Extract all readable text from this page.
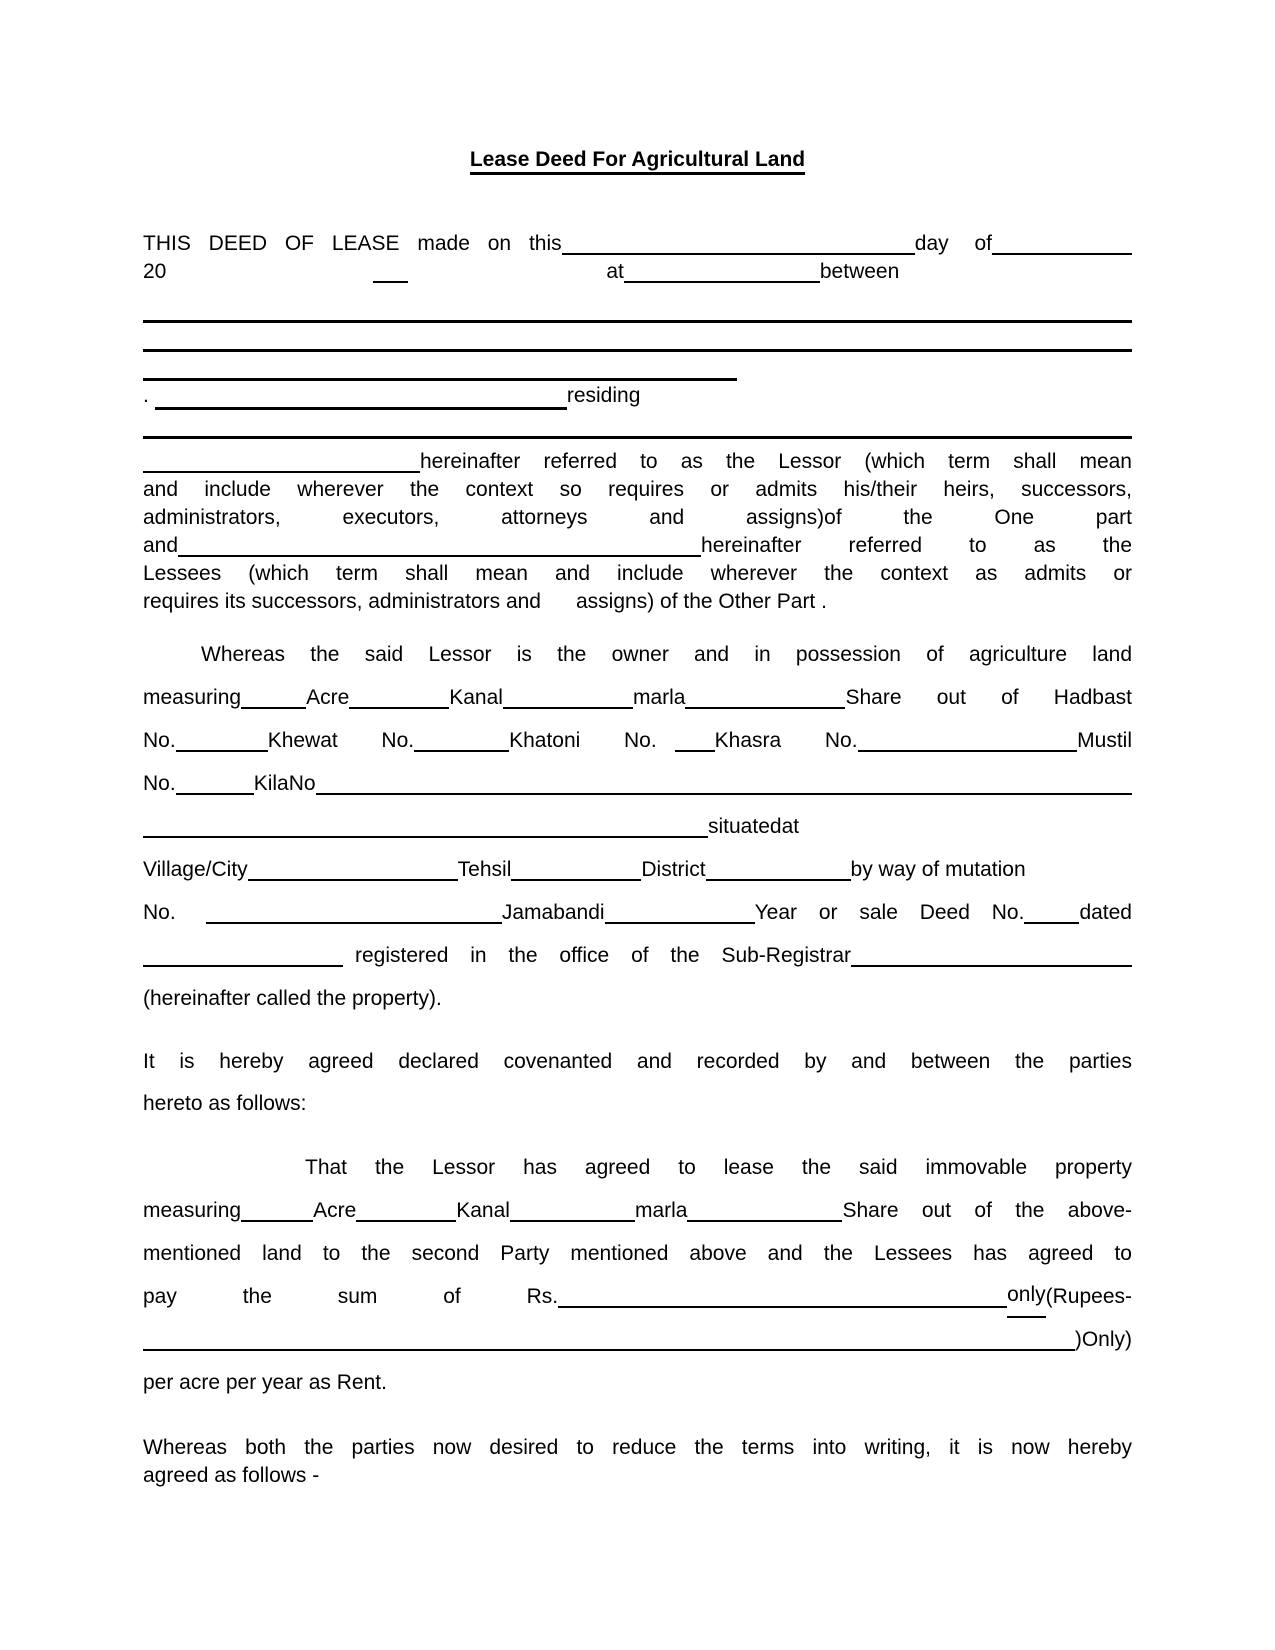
Lease Deed For Agricultural Land
THIS DEED OF LEASE made on this	day of
20	at	between
.	residing
hereinafter referred to as the Lessor (which term shall mean
and include wherever the context so requires or admits his/their heirs, successors,
administrators, executors, attorneys and assigns)of the One part
and	hereinafter referred to as the
Lessees (which term shall mean and include wherever the context as admits or
requires its successors, administrators and      assigns) of the Other Part .
Whereas the said Lessor is the owner and in possession of agriculture land
measuring	Acre	Kanal	marla	Share out of Hadbast
No.	Khewat  No.	Khatoni  No.	Khasra  No.	Mustil
No.	KilaNo
situated at
Village/City	Tehsil	District	by way of mutation
No.	Jamabandi	Year or sale Deed No.	dated
registered in the office of the Sub-Registrar
(hereinafter called the property).
It is hereby agreed declared covenanted and recorded by and between the parties
hereto as follows:
That the Lessor has agreed to lease the said immovable property
measuring	Acre	Kanal	marla	Share out of the above-
mentioned land to the second Party mentioned above and the Lessees has agreed to
pay the sum of Rs.	only (Rupees-
)Only)
per acre per year as Rent.
Whereas both the parties now desired to reduce the terms into writing, it is now hereby
agreed as follows -
